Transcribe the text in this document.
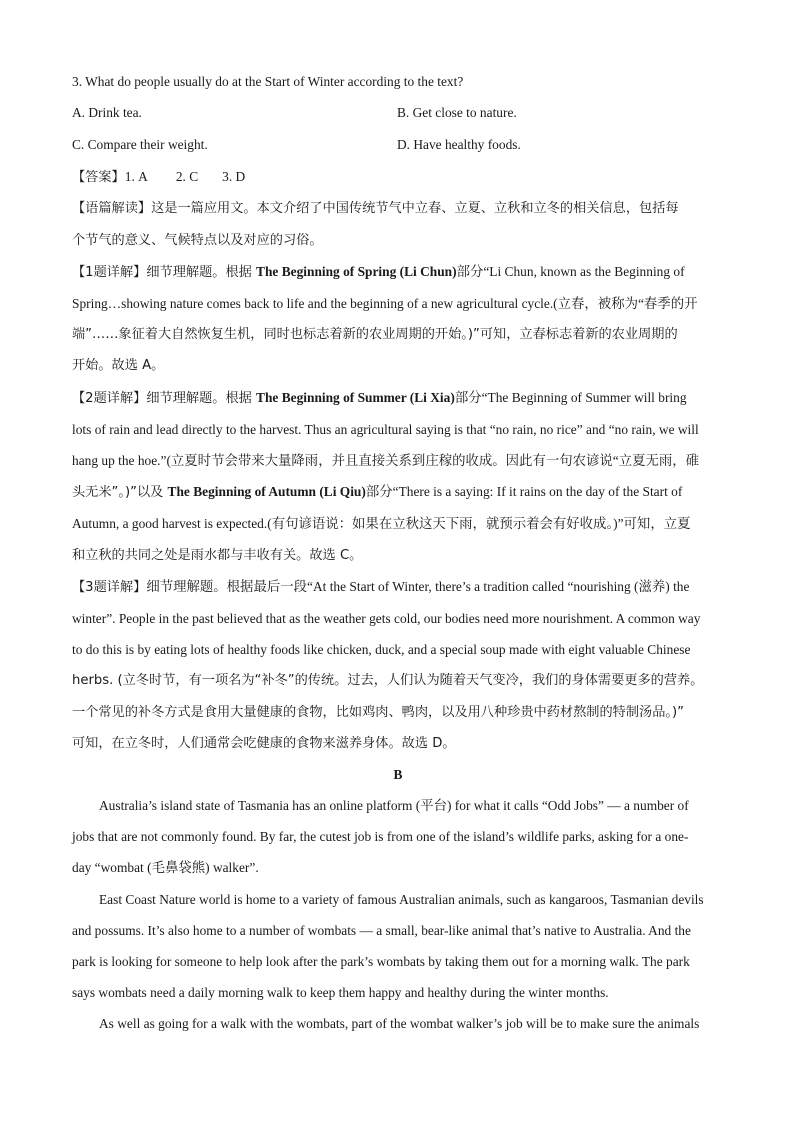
3. What do people usually do at the Start of Winter according to the text?
A. Drink tea.	B. Get close to nature.
C. Compare their weight.	D. Have healthy foods.
【答案】1. A 2. C 3. D
【语篇解读】这是一篇应用文。本文介绍了中国传统节气中立春、立夏、立秋和立冬的相关信息，包括每
个节气的意义、气候特点以及对应的习俗。
【1题详解】细节理解题。根据 The Beginning of Spring (Li Chun)部分“Li Chun, known as the Beginning of
Spring…showing nature comes back to life and the beginning of a new agricultural cycle.(立春，被称为“春季的开
端”……象征着大自然恢复生机，同时也标志着新的农业周期的开始。)”可知，立春标志着新的农业周期的
开始。故选 A。
【2题详解】细节理解题。根据 The Beginning of Summer (Li Xia)部分“The Beginning of Summer will bring
lots of rain and lead directly to the harvest. Thus an agricultural saying is that “no rain, no rice” and “no rain, we will
hang up the hoe.”(立夏时节会带来大量降雨，并且直接关系到庄稼的收成。因此有一句农谚说“立夏无雨，碓
头无米”。)”以及 The Beginning of Autumn (Li Qiu)部分“There is a saying: If it rains on the day of the Start of
Autumn, a good harvest is expected.(有句谚语说：如果在立秋这天下雨，就预示着会有好收成。)”可知，立夏
和立秋的共同之处是雨水都与丰收有关。故选 C。
【3题详解】细节理解题。根据最后一段“At the Start of Winter, there’s a tradition called “nourishing (滋养) the
winter”. People in the past believed that as the weather gets cold, our bodies need more nourishment. A common way
to do this is by eating lots of healthy foods like chicken, duck, and a special soup made with eight valuable Chinese
herbs. (立冬时节，有一项名为“补冬”的传统。过去，人们认为随着天气变冷，我们的身体需要更多的营养。
一个常见的补冬方式是食用大量健康的食物，比如鸡肉、鸭肉，以及用八种珍贵中药材熬制的特制汤品。)”
可知，在立冬时，人们通常会吃健康的食物来滋养身体。故选 D。
B
Australia’s island state of Tasmania has an online platform (平台) for what it calls “Odd Jobs” — a number of
jobs that are not commonly found. By far, the cutest job is from one of the island’s wildlife parks, asking for a one-
day “wombat (毛鼻袋熊) walker”.
East Coast Nature world is home to a variety of famous Australian animals, such as kangaroos, Tasmanian devils
and possums. It’s also home to a number of wombats — a small, bear-like animal that’s native to Australia. And the
park is looking for someone to help look after the park’s wombats by taking them out for a morning walk. The park
says wombats need a daily morning walk to keep them happy and healthy during the winter months.
As well as going for a walk with the wombats, part of the wombat walker’s job will be to make sure the animals
